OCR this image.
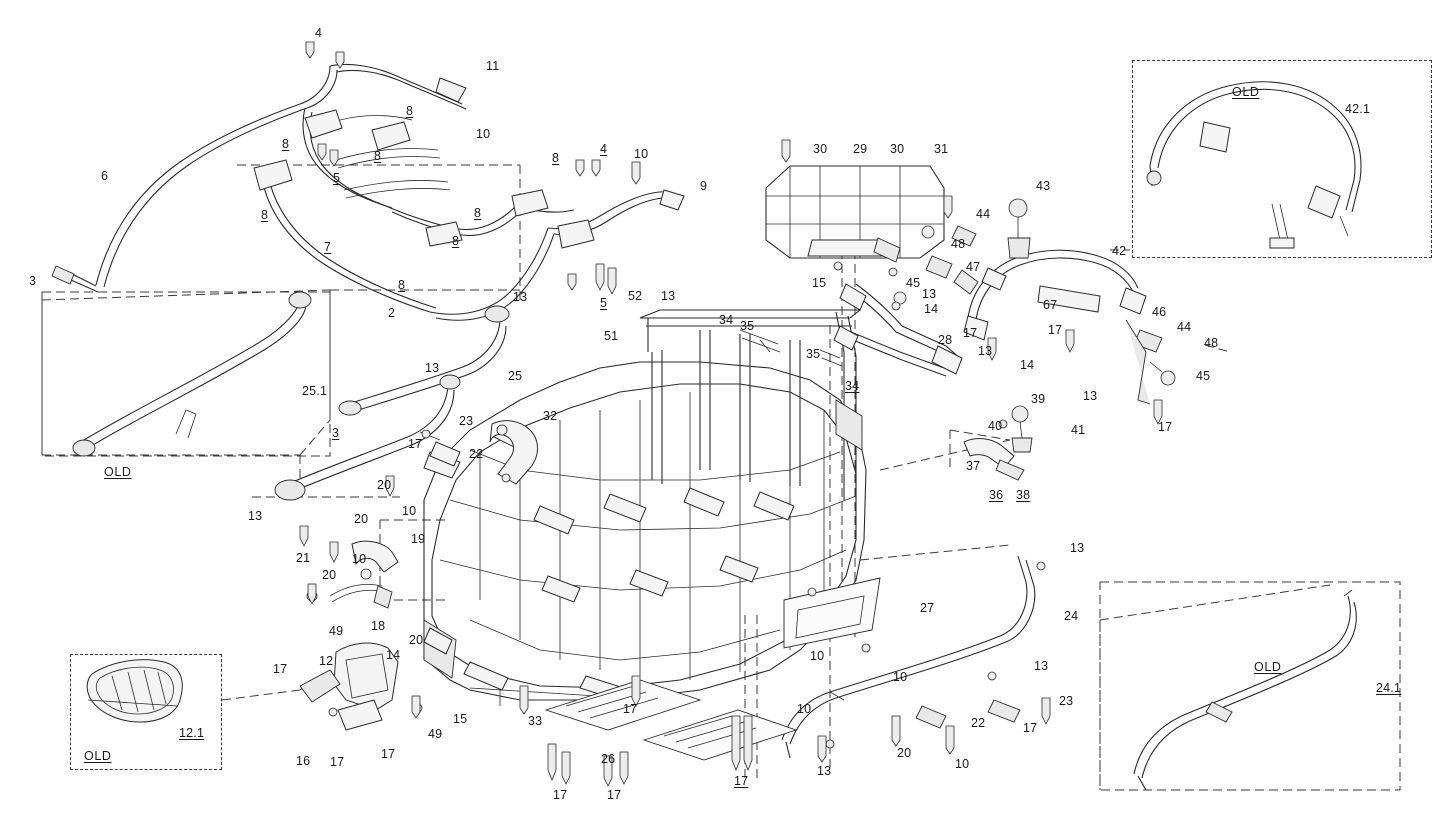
OLD
OLD
OLD
OLD
4
11
8
10
8
8
6	5
8
4 10
8	8
9
7	8
8
3
30 29 30 31
43
44
48	42
15	45
47
67	46
44
13
14
17	17
48
28
13
14
45
13
39
40	41	17
37
36 38
13	52 13
34 35
5
51
35
34
2
13
25
25.1
3
23	32
17
22
13
20
10
20
19
21	10
20
49 18
20
17
12	14
15	33
49
16 17
17
12.1
26
17
17	17
17
27
10
10
13
24
13
23
22	17
10
20
10
13
24.1
42.1
